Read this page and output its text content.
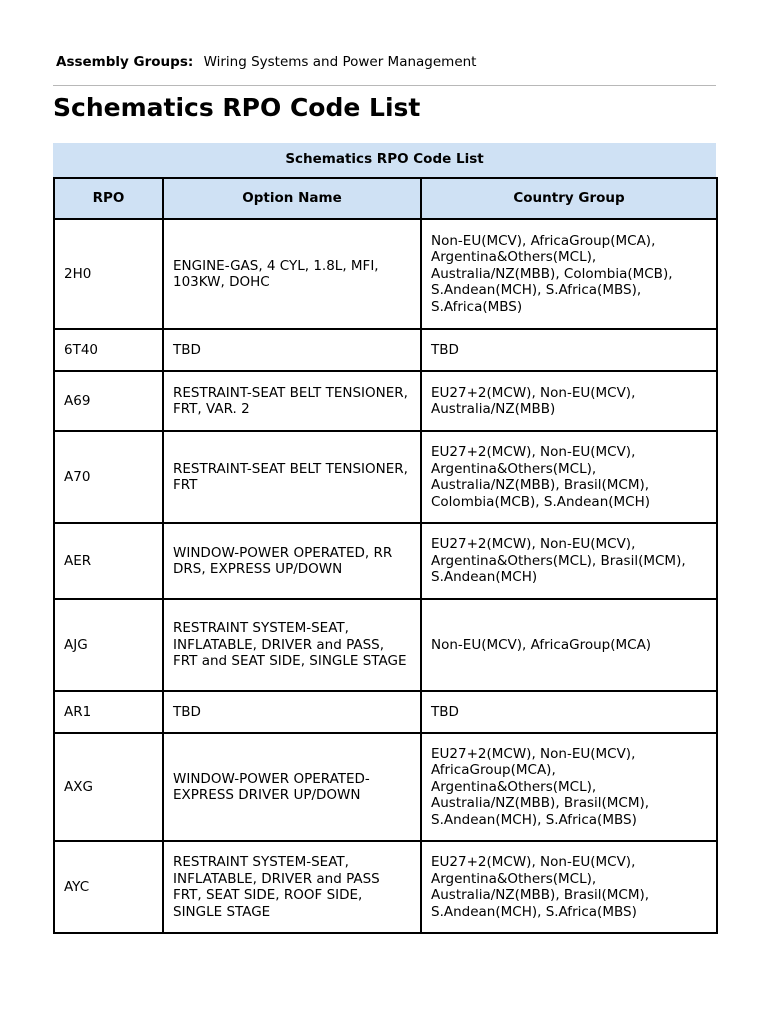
Assembly Groups: Wiring Systems and Power Management
Schematics RPO Code List
Schematics RPO Code List
RPO	Option Name	Country Group
2H0	ENGINE-GAS, 4 CYL, 1.8L, MFI, 103KW, DOHC	Non-EU(MCV), AfricaGroup(MCA), Argentina&Others(MCL), Australia/NZ(MBB), Colombia(MCB), S.Andean(MCH), S.Africa(MBS), S.Africa(MBS)
6T40	TBD	TBD
A69	RESTRAINT-SEAT BELT TENSIONER, FRT, VAR. 2	EU27+2(MCW), Non-EU(MCV), Australia/NZ(MBB)
A70	RESTRAINT-SEAT BELT TENSIONER, FRT	EU27+2(MCW), Non-EU(MCV), Argentina&Others(MCL), Australia/NZ(MBB), Brasil(MCM), Colombia(MCB), S.Andean(MCH)
AER	WINDOW-POWER OPERATED, RR DRS, EXPRESS UP/DOWN	EU27+2(MCW), Non-EU(MCV), Argentina&Others(MCL), Brasil(MCM), S.Andean(MCH)
AJG	RESTRAINT SYSTEM-SEAT, INFLATABLE, DRIVER and PASS, FRT and SEAT SIDE, SINGLE STAGE	Non-EU(MCV), AfricaGroup(MCA)
AR1	TBD	TBD
AXG	WINDOW-POWER OPERATED-EXPRESS DRIVER UP/DOWN	EU27+2(MCW), Non-EU(MCV), AfricaGroup(MCA), Argentina&Others(MCL), Australia/NZ(MBB), Brasil(MCM), S.Andean(MCH), S.Africa(MBS)
AYC	RESTRAINT SYSTEM-SEAT, INFLATABLE, DRIVER and PASS FRT, SEAT SIDE, ROOF SIDE, SINGLE STAGE	EU27+2(MCW), Non-EU(MCV), Argentina&Others(MCL), Australia/NZ(MBB), Brasil(MCM), S.Andean(MCH), S.Africa(MBS)
